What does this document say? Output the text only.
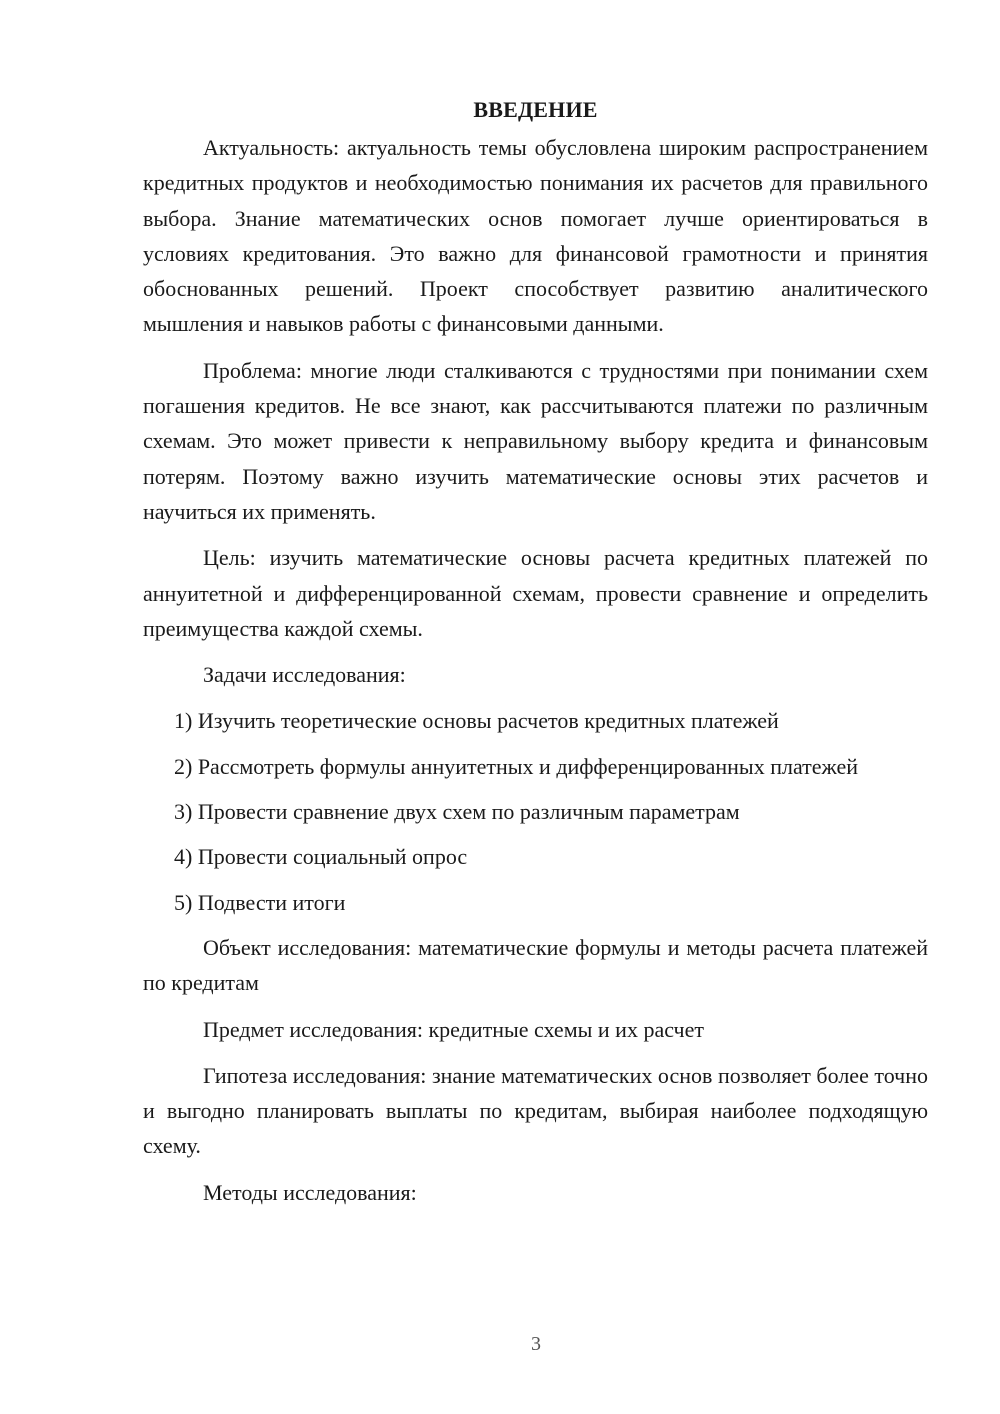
ВВЕДЕНИЕ

Актуальность: актуальность темы обусловлена широким распространением кредитных продуктов и необходимостью понимания их расчетов для правильного выбора. Знание математических основ помогает лучше ориентироваться в условиях кредитования. Это важно для финансовой грамотности и принятия обоснованных решений. Проект способствует развитию аналитического мышления и навыков работы с финансовыми данными.

Проблема: многие люди сталкиваются с трудностями при понимании схем погашения кредитов. Не все знают, как рассчитываются платежи по различным схемам. Это может привести к неправильному выбору кредита и финансовым потерям. Поэтому важно изучить математические основы этих расчетов и научиться их применять.

Цель: изучить математические основы расчета кредитных платежей по аннуитетной и дифференцированной схемам, провести сравнение и определить преимущества каждой схемы.

Задачи исследования:

1) Изучить теоретические основы расчетов кредитных платежей

2) Рассмотреть формулы аннуитетных и дифференцированных платежей

3) Провести сравнение двух схем по различным параметрам

4) Провести социальный опрос

5) Подвести итоги

Объект исследования: математические формулы и методы расчета платежей по кредитам

Предмет исследования: кредитные схемы и их расчет

Гипотеза исследования: знание математических основ позволяет более точно и выгодно планировать выплаты по кредитам, выбирая наиболее подходящую схему.

Методы исследования:

3
